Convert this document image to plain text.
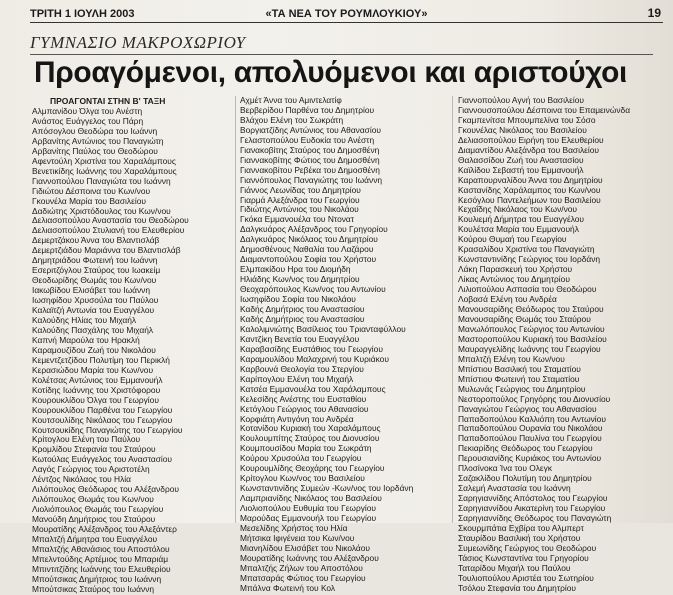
ΤΡΙΤΗ 1 ΙΟΥΛΗ 2003	«ΤΑ ΝΕΑ ΤΟΥ ΡΟΥΜΛΟΥΚΙΟΥ»	19
ΓΥΜΝΑΣΙΟ ΜΑΚΡΟΧΩΡΙΟΥ
Προαγόμενοι, απολυόμενοι και αριστούχοι
ΠΡΟΑΓΟΝΤΑΙ ΣΤΗΝ Β' ΤΑΞΗ
Αλμπανίδου Όλγα του Ανέστη
Ανάστος Ευάγγελος του Πάρη
Απόσογλου Θεοδώρα του Ιωάννη
Αρβανίτης Αντώνιος του Παναγιώτη
Αρβανίτης Παύλος του Θεοδώρου
Αφεντούλη Χριστίνα του Χαραλάμπους
Βενετικίδης Ιωάννης του Χαραλάμπους
Γιαννοπούλου Παναγιώτα του Ιωάννη
Γιδιώτου Δέσποινα του Κων/νου
Γκουνέλα Μαρία του Βασιλείου
Δαδιώτης Χριστόδουλος του Κων/νου
Δελιασοπούλου Αναστασία του Θεοδώρου
Δελιασοπούλου Στυλιανή του Ελευθερίου
Δεμερτζάκου Άννα του Βλαντισλάβ
Δεμερτζιάδου Μαριάννα του Βλαντισλάβ
Δημητριάδου Φωτεινή του Ιωάννη
Εσεριτζόγλου Σταύρος του Ιωακείμ
Θεοδωρίδης Θωμάς του Κων/νου
Ιακωβίδου Ελισάβετ του Ιωάννη
Ιωσηφίδου Χρυσούλα του Παύλου
Καλαϊτζή Αντωνία του Ευαγγέλου
Καλούδης Ηλίας του Μιχαήλ
Καλούδης Πασχάλης του Μιχαήλ
Καπνή Μαρούλα του Ηρακλή
Καραμουζίδου Ζωή του Νικολάου
Κεμεντζετζίδου Πολυτίμη του Περικλή
Κερασιώδου Μαρία του Κων/νου
Κολέτσας Αντώνιος του Εμμανουήλ
Κοτίδης Ιωάννης του Χριστόφορου
Κουρουκλίδου Όλγα του Γεωργίου
Κουρουκλίδου Παρθένα του Γεωργίου
Κουτσουλίδης Νικόλαος του Γεωργίου
Κουτσουκίδης Παναγιώτης του Γεωργίου
Κρίτογλου Ελένη του Παύλου
Κρομλίδου Στεφανία του Σταύρου
Κωτούλας Ευάγγελος του Αναστασίου
Λαγός Γεώργιος του Αριστοτέλη
Λέντζος Νικόλαος του Ηλία
Λιλόπουλος Θεόδωρος του Αλέξανδρου
Λιλόπουλος Θωμάς του Κων/νου
Λιολιόπουλος Θωμάς του Γεωργίου
Μανούδη Δημήτριος του Σταύρου
Μουρατίδης Αλέξανδρος του Αλεξάντερ
Μπαλτζή Δήμητρα του Ευαγγέλου
Μπαλτζής Αθανάσιος του Αποστόλου
Μπελντούδης Αρτέμιος του Μπαριάμ
Μπιντιτζίδης Ιωάννης του Ελευθερίου
Μπούτσικας Δημήτριος του Ιωάννη
Μπούτσικας Σταύρος του Ιωάννη
Αχμέτ Άννα του Αμιντελατίφ
Βερβερίδου Παρθένα του Δημητρίου
Βλάχου Ελένη του Σωκράτη
Βοργιατζίδης Αντώνιος του Αθανασίου
Γελαστοπούλου Ευδοκία του Ανέστη
Γιανακοβίτης Σταύρος του Δημοσθένη
Γιαννακοβίτης Φώτιος του Δημοσθένη
Γιαννακοβίτου Ρεβέκα του Δημοσθένη
Γιαννόπουλος Παναγιώτης του Ιωάννη
Γιάννος Λεωνίδας του Δημητρίου
Γιαρμά Αλεξάνδρα του Γεωργίου
Γιδιώτης Αντώνιος του Νικολάου
Γκόκα Εμμανουέλα του Ντονατ
Δαλγκυάρος Αλέξανδρος του Γρηγορίου
Δαλγκυάρος Νικόλαος του Δημητρίου
Δημοσθένους Ναθαλία του Λαζάρου
Διαμαντοπούλου Σοφία του Χρήστου
Ελμπακίδου Ηρα του Διομήδη
Ηλιάδης Κων/νος του Δημητρίου
Θεοχαρόπουλος Κων/νος του Αντωνίου
Ιωσηφίδου Σοφία του Νικολάου
Καδής Δημήτριος του Αναστασίου
Καδής Δημήτριος του Αναστασίου
Καλολιμνιώτης Βασίλειος του Τριανταφύλλου
Καντζίκη Βενετία του Ευαγγέλου
Καραβασίδης Ευστάθιος του Γεωργίου
Καραμουλίδου Μαλαχρινή του Κυριάκου
Καρβουνά Θεολογία του Στεργίου
Καρίπογλου Ελένη του Μιχαήλ
Κατσέα Εμμανουέλα του Χαράλαμπους
Κελεσίδης Ανέστης του Ευσταθίου
Κετόγλου Γεώργιος του Αθανασίου
Κορφιάτη Αντιγόνη του Ανδρέα
Κοτανίδου Κυριακή του Χαραλάμπους
Κουλουμπίτης Σταύρος του Διονυσίου
Κουμπουσίδου Μαρία του Σωκράτη
Κούρου Χρυσούλα του Γεωργίου
Κουρουμλίδης Θεοχάρης του Γεωργίου
Κρίτογλου Κων/νος του Βασιλείου
Κωνσταντινίδης Συμεών -Κων/νος του Ιορδάνη
Λαμπριανίδης Νικόλαος του Βασιλείου
Λιολιοπούλου Ευθυμία του Γεωργίου
Μαρούδας Εμμανουήλ του Γεωργίου
Μεσελίδης Χρήστος του Ηλία
Μήτσικα Ιφιγένεια του Κων/νου
Μιανηλίδου Ελισάβετ του Νικολάου
Μουρατίδης Ιωάννης του Αλέξανδρου
Μπαλτζής Ζήλων του Αποστόλου
Μπατσαράς Φώτιος του Γεωργίου
Μπάλνα Φωτεινή του Κολ
Γιαννοπούλου Αγνή του Βασιλείου
Γιαννουσοπούλου Δέσποινα του Επαμεινώνδα
Γκαμπενίτσα Μπουμπελίνα του Σόσο
Γκουνέλας Νικόλαος του Βασιλείου
Δελιασοπούλου Ειρήνη του Ελευθερίου
Διαμαντίδου Αλεξάνδρα του Βασιλείου
Θαλασσίδου Ζωή του Αναστασίου
Καϊλίδου Σεβαστή του Εμμανουήλ
Καραπουρναλίδου Άννα του Δημητρίου
Καστανίδης Χαράλαμπος του Κων/νου
Κεσόγλου Παντελεήμων του Βασιλείου
Κεχαΐδης Νικόλαος του Κων/νου
Κουλιεμή Δήμητρα του Ευαγγέλου
Κουλέτσα Μαρία του Εμμανουήλ
Κούρου Θυμαή του Γεωργίου
Κρασαλίδου Χριστίνα του Παναγιώτη
Κωνσταντινίδης Γεώργιος του Ιορδάνη
Λάκη Παρασκευή του Χρήστου
Λίκας Αντώνιος του Δημητρίου
Λιλιοπούλου Ασπασία του Θεοδώρου
Λοβασά Ελένη του Ανδρέα
Μανουσαρίδης Θεόδωρος του Σταύρου
Μανουσαρίδης Θωμάς του Σταύρου
Μανωλόπουλος Γεώργιος του Αντωνίου
Μαστοροπούλου Κυριακή του Βασιλείου
Μαυραγγελίδης Ιωάννης του Γεωργίου
Μπαλτζή Ελένη του Κων/νου
Μπίστιου Βασιλική του Σταματίου
Μπίστιου Φωτεινή του Σταματίου
Μυλωνάς Γεώργιος του Δημητρίου
Νεστοροπούλος Γρηγόρης του Διονυσίου
Παναγιώτου Γεώργιος του Αθανασίου
Παπαδοπούλου Καλλιόπη του Αντωνίου
Παπαδοπούλου Ουρανία του Νικολάου
Παπαδοπούλου Παυλίνα του Γεωργίου
Πεκιαρίδης Θεόδωρος του Γεωργίου
Περουσιανίδης Κυριάκος του Αντωνίου
Πλοσίνοκα Ίνα του Ολεγκ
Σαζακλίδου Πολυτίμη του Δημητρίου
Σαλεμή Αναστασία του Ιωάννη
Σαρηγιαννίδης Απόστολος του Γεωργίου
Σαρηγιαννίδου Αικατερίνη του Γεωργίου
Σαρηγιαννίδης Θεόδωρος του Παναγιώτη
Σκουρμπάτια Εχβίρα του Αλμπερτ
Σταυρίδου Βασιλική του Χρήστου
Συμεωνίδης Γεώργιος του Θεοδώρου
Τάσιος Κωνσταντίνα του Γρηγορίου
Ταταρίδου Μιχαήλ του Παύλου
Τουλιοπούλου Αριστέα του Σωτηρίου
Τσόλου Στεφανία του Δημητρίου
